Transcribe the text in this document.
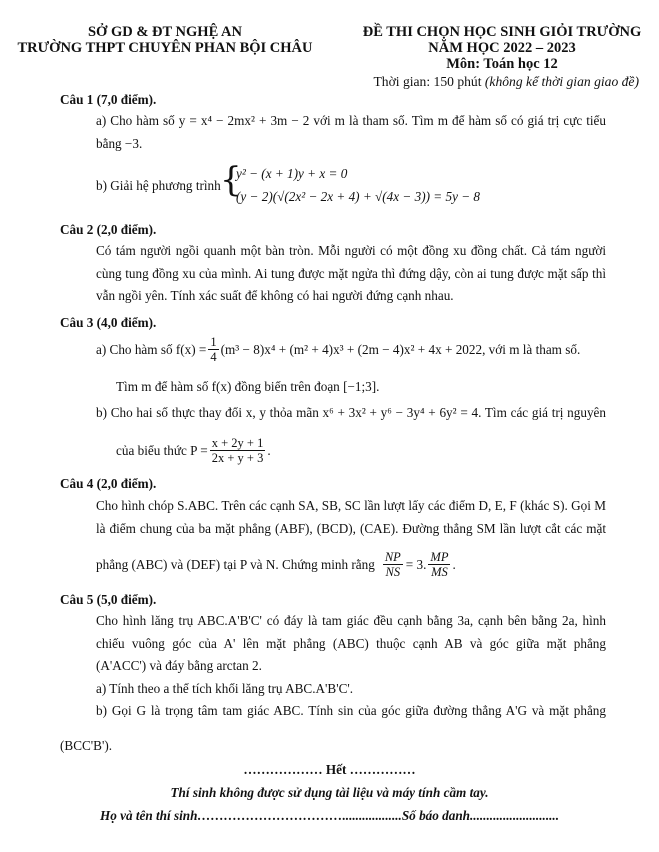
SỞ GD & ĐT NGHỆ AN
TRƯỜNG THPT CHUYÊN PHAN BỘI CHÂU
ĐỀ THI CHỌN HỌC SINH GIỎI TRƯỜNG
NĂM HỌC 2022 – 2023
Môn: Toán học 12
Thời gian: 150 phút (không kể thời gian giao đề)
Câu 1 (7,0 điểm).
a) Cho hàm số y = x⁴ − 2mx² + 3m − 2 với m là tham số. Tìm m để hàm số có giá trị cực tiểu
bằng −3.
b) Giải hệ phương trình {
y² − (x + 1)y + x = 0
(y − 2)(√(2x² − 2x + 4) + √(4x − 3)) = 5y − 8
Câu 2 (2,0 điểm).
Có tám người ngồi quanh một bàn tròn. Mỗi người có một đồng xu đồng chất. Cả tám người
cùng tung đồng xu của mình. Ai tung được mặt ngửa thì đứng dậy, còn ai tung được mặt sấp thì
vẫn ngồi yên. Tính xác suất để không có hai người đứng cạnh nhau.
Câu 3 (4,0 điểm).
a) Cho hàm số $f(x) = \frac{1}{4} (m^3 - 8)x^4 + (m^2 + 4)x^3 + (2m - 4)x^2 + 4x + 2022$, với m là tham số.
Tìm m để hàm số f(x) đồng biến trên đoạn [−1;3].
b) Cho hai số thực thay đổi x, y thỏa mãn x⁶ + 3x² + y⁶ − 3y⁴ + 6y² = 4. Tìm các giá trị nguyên
của biểu thức $P = \frac{x + 2y + 1}{2x + y + 3}$ .
Câu 4 (2,0 điểm).
Cho hình chóp S.ABC. Trên các cạnh SA, SB, SC lần lượt lấy các điểm D, E, F (khác S). Gọi M
là điểm chung của ba mặt phẳng (ABF), (BCD), (CAE). Đường thẳng SM lần lượt cắt các mặt
phẳng (ABC) và (DEF) tại P và N. Chứng minh rằng $\frac{NP}{NS} = 3$. $\frac{MP}{MS}$ .
Câu 5 (5,0 điểm).
Cho hình lăng trụ ABC.A'B'C' có đáy là tam giác đều cạnh bằng 3a, cạnh bên bằng 2a, hình
chiếu vuông góc của A' lên mặt phẳng (ABC) thuộc cạnh AB và góc giữa mặt phẳng
(A'ACC') và đáy bằng arctan 2.
a) Tính theo a thể tích khối lăng trụ ABC.A'B'C'.
b) Gọi G là trọng tâm tam giác ABC. Tính sin của góc giữa đường thẳng A'G và mặt phẳng
(BCC'B').
……………… Hết ……………
Thí sinh không được sử dụng tài liệu và máy tính cầm tay.
Họ và tên thí sinh……………………………..................Số báo danh...........................
